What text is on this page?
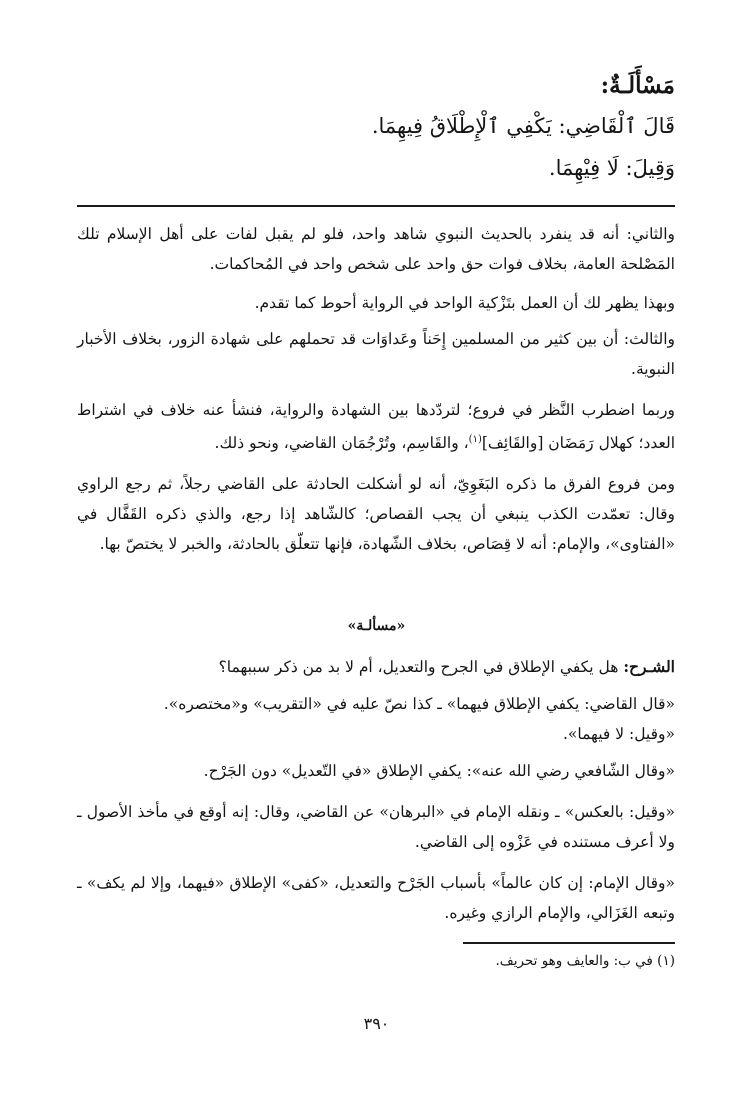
مَسْأَلَـةٌ:

قَالَ ٱلْقَاضِي: يَكْفِي ٱلْإِطْلَاقُ فِيهِمَا.

وَقِيلَ: لَا فِيْهِمَا.

والثاني: أنه قد ينفرد بالحديث النبوي شاهد واحد، فلو لم يقبل لفات على أهل الإسلام تلك المَصْلحة العامة، بخلاف فوات حق واحد على شخص واحد في المُحاكمات.

وبهذا يظهر لك أن العمل بتَزْكية الواحد في الرواية أحوط كما تقدم.

والثالث: أن بين كثير من المسلمين إِحَناً وعَداوَات قد تحملهم على شهادة الزور، بخلاف الأخبار النبوية.

وربما اضطرب النَّظر في فروع؛ لتردّدها بين الشهادة والرواية، فنشأ عنه خلاف في اشتراط العدد؛ كهلال رَمَضَان [والقَائِف]$^{(١)}$، والقَاسِم، وتُرْجُمَان القاضي، ونحو ذلك.

ومن فروع الفرق ما ذكره البَغَوِيّ، أنه لو أشكلت الحادثة على القاضي رجلاً، ثم رجع الراوي وقال: تعمّدت الكذب ينبغي أن يجب القصاص؛ كالشّاهد إذا رجع، والذي ذكره القَفَّال في «الفتاوى»، والإمام: أنه لا قِصَاص، بخلاف الشّهادة، فإنها تتعلّق بالحادثة، والخبر لا يختصّ بها.

«مسألـة»

الشـرح: هل يكفي الإطلاق في الجرح والتعديل، أم لا بد من ذكر سببهما؟

«قال القاضي: يكفي الإطلاق فيهما» ـ كذا نصّ عليه في «التقريب» و«مختصره».

«وقيل: لا فيهما».

«وقال الشّافعي رضي الله عنه»: يكفي الإطلاق «في التّعديل» دون الجَرْح.

«وقيل: بالعكس» ـ ونقله الإمام في «البرهان» عن القاضي، وقال: إنه أوقع في مأخذ الأصول ـ ولا أعرف مستنده في عَزْوه إلى القاضي.

«وقال الإمام: إن كان عالماً» بأسباب الجَرْح والتعديل، «كفى» الإطلاق «فيهما، وإلا لم يكف» ـ وتبعه الغَزَالي، والإمام الرازي وغيره.

(١) في ب: والعايف وهو تحريف.

٣٩٠
